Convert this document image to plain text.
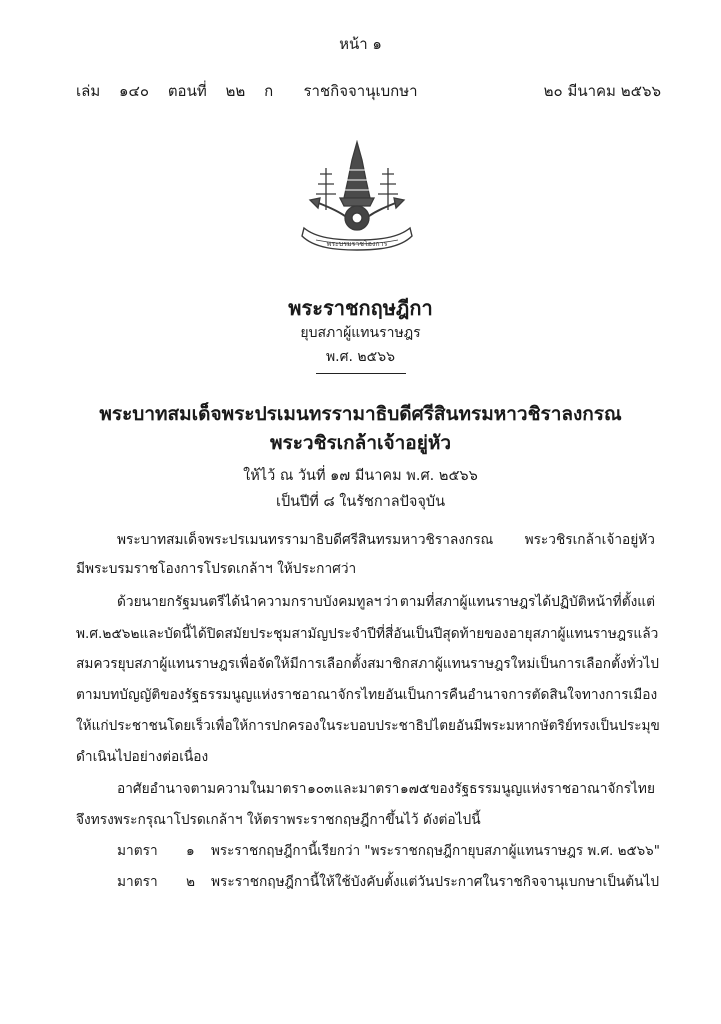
หน้า ๑
เล่ม ๑๔๐ ตอนที่ ๒๒ ก	ราชกิจจานุเบกษา	๒๐ มีนาคม ๒๕๖๖
พระบรมราชโองการ
พระราชกฤษฎีกา
ยุบสภาผู้แทนราษฎร
พ.ศ. ๒๕๖๖
พระบาทสมเด็จพระปรเมนทรรามาธิบดีศรีสินทรมหาวชิราลงกรณ
พระวชิรเกล้าเจ้าอยู่หัว
ให้ไว้ ณ วันที่ ๑๗ มีนาคม พ.ศ. ๒๕๖๖
เป็นปีที่ ๘ ในรัชกาลปัจจุบัน
พระบาทสมเด็จพระปรเมนทรรามาธิบดีศรีสินทรมหาวชิราลงกรณ พระวชิรเกล้าเจ้าอยู่หัว
มีพระบรมราชโองการโปรดเกล้าฯ ให้ประกาศว่า
ด้วยนายกรัฐมนตรีได้นำความกราบบังคมทูลฯ ว่า ตามที่สภาผู้แทนราษฎรได้ปฏิบัติหน้าที่ตั้งแต่
พ.ศ. ๒๕๖๒ และบัดนี้ได้ปิดสมัยประชุมสามัญประจำปีที่สี่อันเป็นปีสุดท้ายของอายุสภาผู้แทนราษฎรแล้ว
สมควรยุบสภาผู้แทนราษฎรเพื่อจัดให้มีการเลือกตั้งสมาชิกสภาผู้แทนราษฎรใหม่เป็นการเลือกตั้งทั่วไป
ตามบทบัญญัติของรัฐธรรมนูญแห่งราชอาณาจักรไทย อันเป็นการคืนอำนาจการตัดสินใจทางการเมือง
ให้แก่ประชาชนโดยเร็วเพื่อให้การปกครองในระบอบประชาธิปไตยอันมีพระมหากษัตริย์ทรงเป็นประมุข
ดำเนินไปอย่างต่อเนื่อง
อาศัยอำนาจตามความในมาตรา ๑๐๓ และมาตรา ๑๗๕ ของรัฐธรรมนูญแห่งราชอาณาจักรไทย
จึงทรงพระกรุณาโปรดเกล้าฯ ให้ตราพระราชกฤษฎีกาขึ้นไว้ ดังต่อไปนี้
มาตรา ๑ พระราชกฤษฎีกานี้เรียกว่า "พระราชกฤษฎีกายุบสภาผู้แทนราษฎร พ.ศ. ๒๕๖๖"
มาตรา ๒ พระราชกฤษฎีกานี้ให้ใช้บังคับตั้งแต่วันประกาศในราชกิจจานุเบกษาเป็นต้นไป
